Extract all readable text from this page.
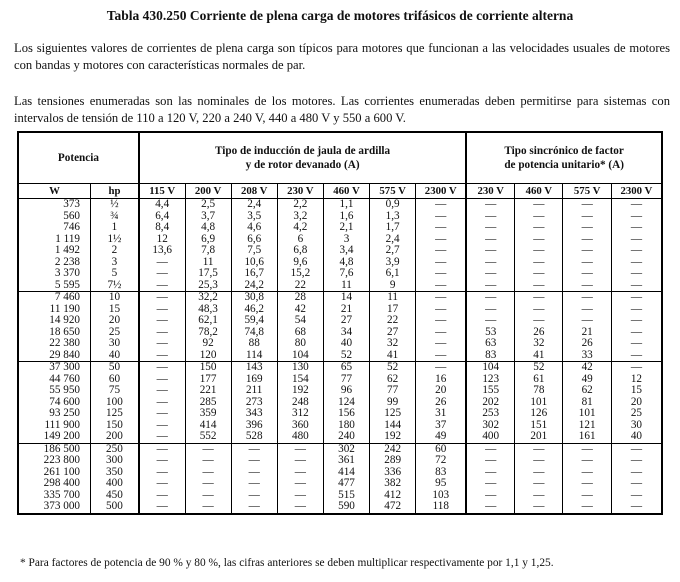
Tabla 430.250 Corriente de plena carga de motores trifásicos de corriente alterna
Los siguientes valores de corrientes de plena carga son típicos para motores que funcionan a las velocidades usuales de motores con bandas y motores con características normales de par.
Las tensiones enumeradas son las nominales de los motores. Las corrientes enumeradas deben permitirse para sistemas con intervalos de tensión de 110 a 120 V, 220 a 240 V, 440 a 480 V y 550 a 600 V.
Potencia		Tipo de inducción de jaula de ardilla
y de rotor devanado (A)							Tipo sincrónico de factor
de potencia unitario* (A)			
W	hp	115 V	200 V	208 V	230 V	460 V	575 V	2300 V	230 V	460 V	575 V	2300 V
373	½	4,4	2,5	2,4	2,2	1,1	0,9	—	—	—	—	—
560	¾	6,4	3,7	3,5	3,2	1,6	1,3	—	—	—	—	—
746	1	8,4	4,8	4,6	4,2	2,1	1,7	—	—	—	—	—
1 119	1½	12	6,9	6,6	6	3	2,4	—	—	—	—	—
1 492	2	13,6	7,8	7,5	6,8	3,4	2,7	—	—	—	—	—
2 238	3	—	11	10,6	9,6	4,8	3,9	—	—	—	—	—
3 370	5	—	17,5	16,7	15,2	7,6	6,1	—	—	—	—	—
5 595	7½	—	25,3	24,2	22	11	9	—	—	—	—	—
7 460	10	—	32,2	30,8	28	14	11	—	—	—	—	—
11 190	15	—	48,3	46,2	42	21	17	—	—	—	—	—
14 920	20	—	62,1	59,4	54	27	22	—	—	—	—	—
18 650	25	—	78,2	74,8	68	34	27	—	53	26	21	—
22 380	30	—	92	88	80	40	32	—	63	32	26	—
29 840	40	—	120	114	104	52	41	—	83	41	33	—
37 300	50	—	150	143	130	65	52	—	104	52	42	—
44 760	60	—	177	169	154	77	62	16	123	61	49	12
55 950	75	—	221	211	192	96	77	20	155	78	62	15
74 600	100	—	285	273	248	124	99	26	202	101	81	20
93 250	125	—	359	343	312	156	125	31	253	126	101	25
111 900	150	—	414	396	360	180	144	37	302	151	121	30
149 200	200	—	552	528	480	240	192	49	400	201	161	40
186 500	250	—	—	—	—	302	242	60	—	—	—	—
223 800	300	—	—	—	—	361	289	72	—	—	—	—
261 100	350	—	—	—	—	414	336	83	—	—	—	—
298 400	400	—	—	—	—	477	382	95	—	—	—	—
335 700	450	—	—	—	—	515	412	103	—	—	—	—
373 000	500	—	—	—	—	590	472	118	—	—	—	—
* Para factores de potencia de 90 % y 80 %, las cifras anteriores se deben multiplicar respectivamente por 1,1 y 1,25.
